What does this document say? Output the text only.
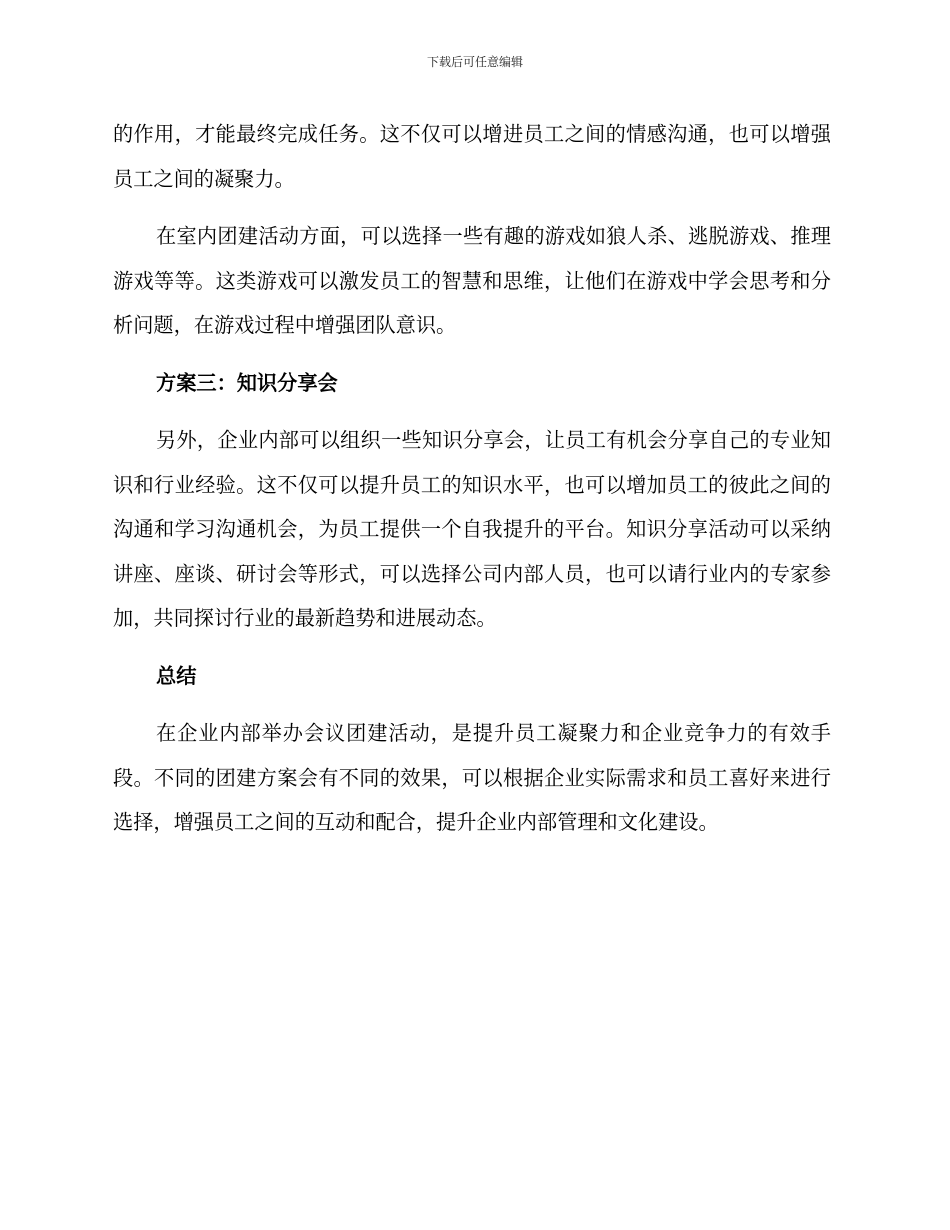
下载后可任意编辑

的作用，才能最终完成任务。这不仅可以增进员工之间的情感沟通，也可以增强员工之间的凝聚力。

在室内团建活动方面，可以选择一些有趣的游戏如狼人杀、逃脱游戏、推理游戏等等。这类游戏可以激发员工的智慧和思维，让他们在游戏中学会思考和分析问题，在游戏过程中增强团队意识。

方案三：知识分享会

另外，企业内部可以组织一些知识分享会，让员工有机会分享自己的专业知识和行业经验。这不仅可以提升员工的知识水平，也可以增加员工的彼此之间的沟通和学习沟通机会，为员工提供一个自我提升的平台。知识分享活动可以采纳讲座、座谈、研讨会等形式，可以选择公司内部人员，也可以请行业内的专家参加，共同探讨行业的最新趋势和进展动态。

总结

在企业内部举办会议团建活动，是提升员工凝聚力和企业竞争力的有效手段。不同的团建方案会有不同的效果，可以根据企业实际需求和员工喜好来进行选择，增强员工之间的互动和配合，提升企业内部管理和文化建设。
